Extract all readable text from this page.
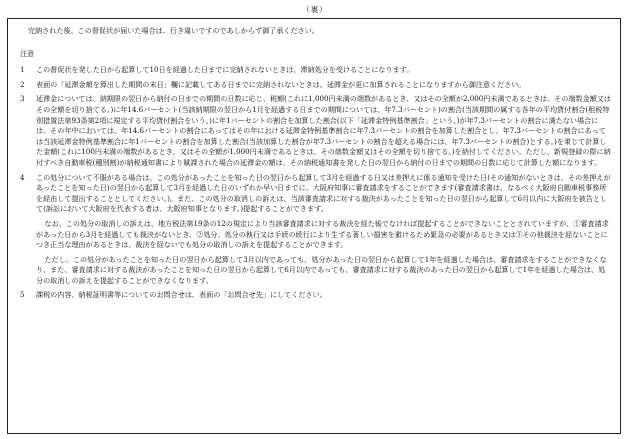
（裏）

完納された後、この督促状が届いた場合は、行き違いですのであしからず御了承ください。

注意

1 この督促状を発した日から起算して10日を経過した日までに完納されないときは、滞納処分を受けることになります。

2 表面の「延滞金額を算出した期間の末日」欄に記載してある日までに完納されないときは、延滞金が更に加算されることになりますから御注意ください。

3 延滞金については、納期限の翌日から納付の日までの期間の日数に応じ、税額(これに1,000円未満の端数があるとき、又はその全額が2,000円未満であるときは、その端数金額又はその全額を切り捨てる。)に年14.6パーセント(当該納期限の翌日から1月を経過する日までの期間については、年7.3パーセント)の割合(当該期間の属する各年の平均貸付割合(租税特別措置法第93条第2項に規定する平均貸付割合をいう。)に年1パーセントの割合を加算した割合(以下「延滞金特例基準割合」という。)が年7.3パーセントの割合に満たない場合には、その年中においては、年14.6パーセントの割合にあってはその年における延滞金特例基準割合に年7.3パーセントの割合を加算した割合とし、年7.3パーセントの割合にあっては当該延滞金特例基準割合に年1パーセントの割合を加算した割合(当該加算した割合が年7.3パーセントの割合を超える場合には、年7.3パーセントの割合)とする。)を乗じて計算した金額(これに100円未満の端数があるとき、又はその全額が1,000円未満であるときは、その端数金額又はその全額を切り捨てる。)を納付してください。ただし、新規登録の際に納付すべき自動車税(種別割)が納税通知書により賦課された場合の延滞金の額は、その納税通知書を発した日の翌日から納付の日までの期間の日数に応じて計算した額になります。

4 この処分について不服がある場合は、この処分があったことを知った日の翌日から起算して3月を経過する日又は差押えに係る通知を受けた日(その通知がないときは、その差押えがあったことを知った日)の翌日から起算して3月を経過した日のいずれか早い日までに、大阪府知事に審査請求をすることができます(審査請求書は、なるべく大阪府自動車税事務所を経由して提出することとしてください。)。また、この処分の取消しの訴えは、当該審査請求に対する裁決があったことを知った日の翌日から起算して6月以内に大阪府を被告として(訴訟において大阪府を代表する者は、大阪府知事となります。)提起することができます。

なお、この処分の取消しの訴えは、地方税法第19条の12の規定により当該審査請求に対する裁決を経た後でなければ提起することができないこととされていますが、①審査請求があった日から3月を経過しても裁決がないとき、②処分、処分の執行又は手続の続行により生ずる著しい損害を避けるため緊急の必要があるとき又は③その他裁決を経ないことにつき正当な理由があるときは、裁決を経ないでも処分の取消しの訴えを提起することができます。

ただし、この処分があったことを知った日の翌日から起算して3月以内であっても、処分があった日の翌日から起算して1年を経過した場合は、審査請求をすることができなくなり、また、審査請求に対する裁決があったことを知った日の翌日から起算して6月以内であっても、審査請求に対する裁決のあった日の翌日から起算して1年を経過した場合は、処分の取消しの訴えを提起することができなくなります。

5 課税の内容、納税証明書等についてのお問合せは、表面の「お問合せ先」にしてください。
